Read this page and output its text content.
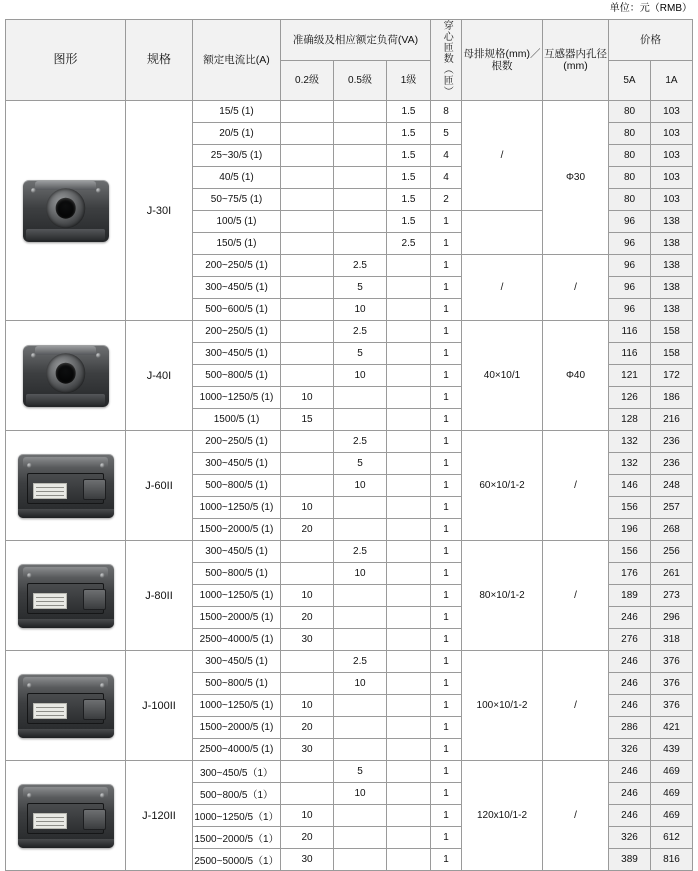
单位：元（RMB）
图形	规格	额定电流比(A)	准确级及相应额定负荷(VA)			穿心匝数（匝）	母排规格(mm)／根数	互感器内孔径(mm)	价格	
			0.2级	0.5级	1级				5A	1A

	J-30I	15/5 (1)			1.5	8	/	Φ30	80	103
		20/5 (1)			1.5	5			80	103
		25~30/5 (1)			1.5	4			80	103
		40/5 (1)			1.5	4			80	103
		50~75/5 (1)			1.5	2			80	103
		100/5 (1)			1.5	1			96	138
		150/5 (1)			2.5	1			96	138
		200~250/5 (1)		2.5		1	/	/	96	138
		300~450/5 (1)		5		1			96	138
		500~600/5 (1)		10		1			96	138

	J-40I	200~250/5 (1)		2.5		1	40×10/1	Φ40	116	158
		300~450/5 (1)		5		1			116	158
		500~800/5 (1)		10		1			121	172
		1000~1250/5 (1)	10			1			126	186
		1500/5 (1)	15			1			128	216

	J-60II	200~250/5 (1)		2.5		1	60×10/1-2	/	132	236
		300~450/5 (1)		5		1			132	236
		500~800/5 (1)		10		1			146	248
		1000~1250/5 (1)	10			1			156	257
		1500~2000/5 (1)	20			1			196	268

	J-80II	300~450/5 (1)		2.5		1	80×10/1-2	/	156	256
		500~800/5 (1)		10		1			176	261
		1000~1250/5 (1)	10			1			189	273
		1500~2000/5 (1)	20			1			246	296
		2500~4000/5 (1)	30			1			276	318

	J-100II	300~450/5 (1)		2.5		1	100×10/1-2	/	246	376
		500~800/5 (1)		10		1			246	376
		1000~1250/5 (1)	10			1			246	376
		1500~2000/5 (1)	20			1			286	421
		2500~4000/5 (1)	30			1			326	439

	J-120II	300~450/5（1）		5		1	120x10/1-2	/	246	469
		500~800/5（1）		10		1			246	469
		1000~1250/5（1）	10			1			246	469
		1500~2000/5（1）	20			1			326	612
		2500~5000/5（1）	30			1			389	816
